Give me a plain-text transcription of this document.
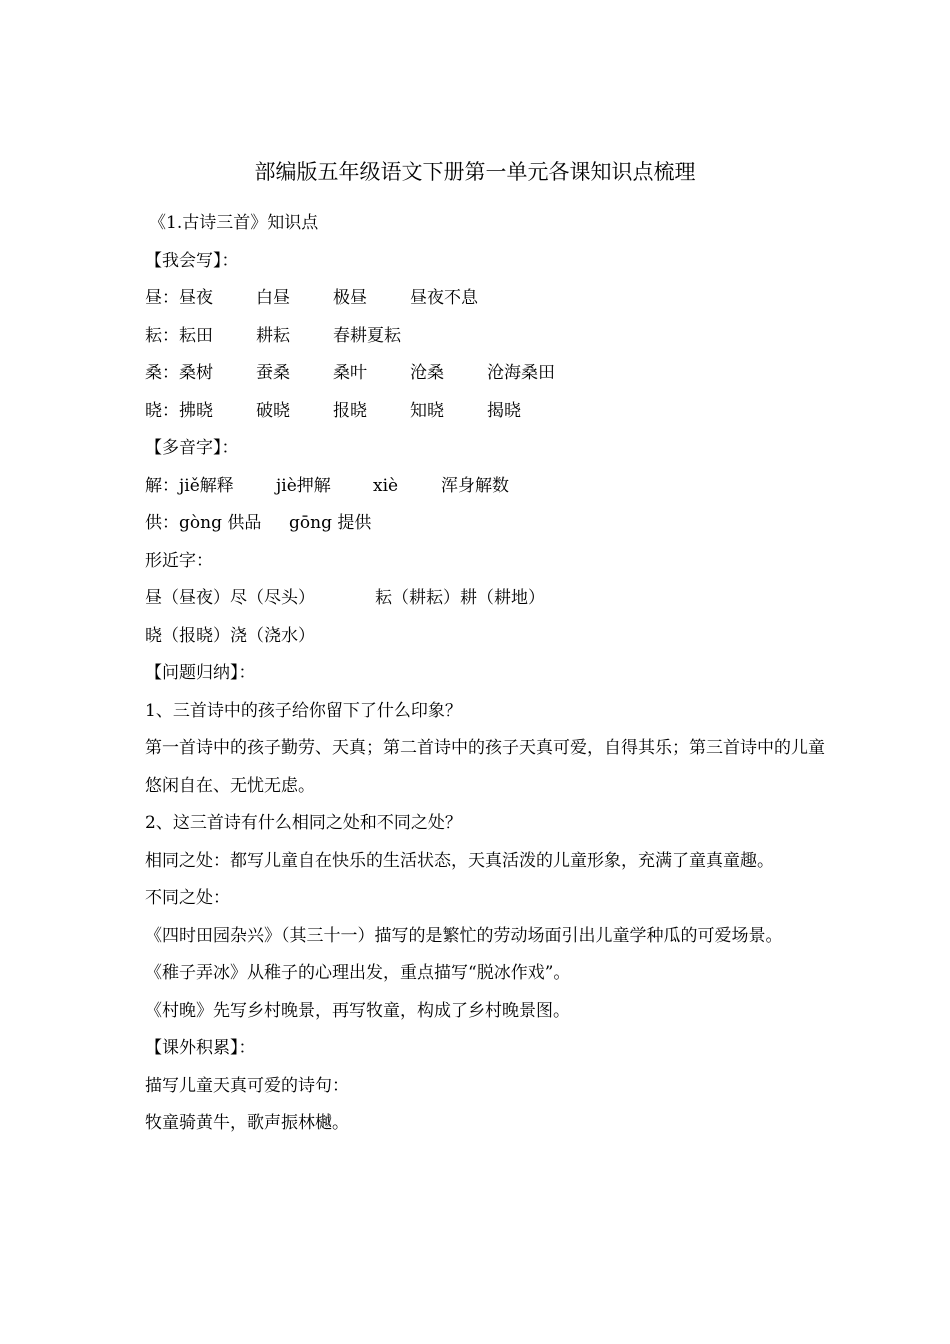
部编版五年级语文下册第一单元各课知识点梳理
《1.古诗三首》知识点
【我会写】：
昼： 昼夜	白昼	极昼	昼夜不息
耘： 耘田	耕耘	春耕夏耘
桑： 桑树	蚕桑	桑叶	沧桑	沧海桑田
晓： 拂晓	破晓	报晓	知晓	揭晓
【多音字】：
解： jiě解释	jiè押解	xiè	浑身解数
供： gòng 供品	gōng 提供
形近字：
昼（昼夜）尽（尽头）	耘（耕耘）耕（耕地）
晓（报晓）浇（浇水）
【问题归纳】：
1、三首诗中的孩子给你留下了什么印象？
第一首诗中的孩子勤劳、天真；第二首诗中的孩子天真可爱，自得其乐；第三首诗中的儿童悠闲自在、无忧无虑。
2、这三首诗有什么相同之处和不同之处？
相同之处：都写儿童自在快乐的生活状态，天真活泼的儿童形象，充满了童真童趣。
不同之处：
《四时田园杂兴》（其三十一）描写的是繁忙的劳动场面引出儿童学种瓜的可爱场景。
《稚子弄冰》从稚子的心理出发，重点描写“脱冰作戏”。
《村晚》先写乡村晚景，再写牧童，构成了乡村晚景图。
【课外积累】：
描写儿童天真可爱的诗句：
牧童骑黄牛，歌声振林樾。
